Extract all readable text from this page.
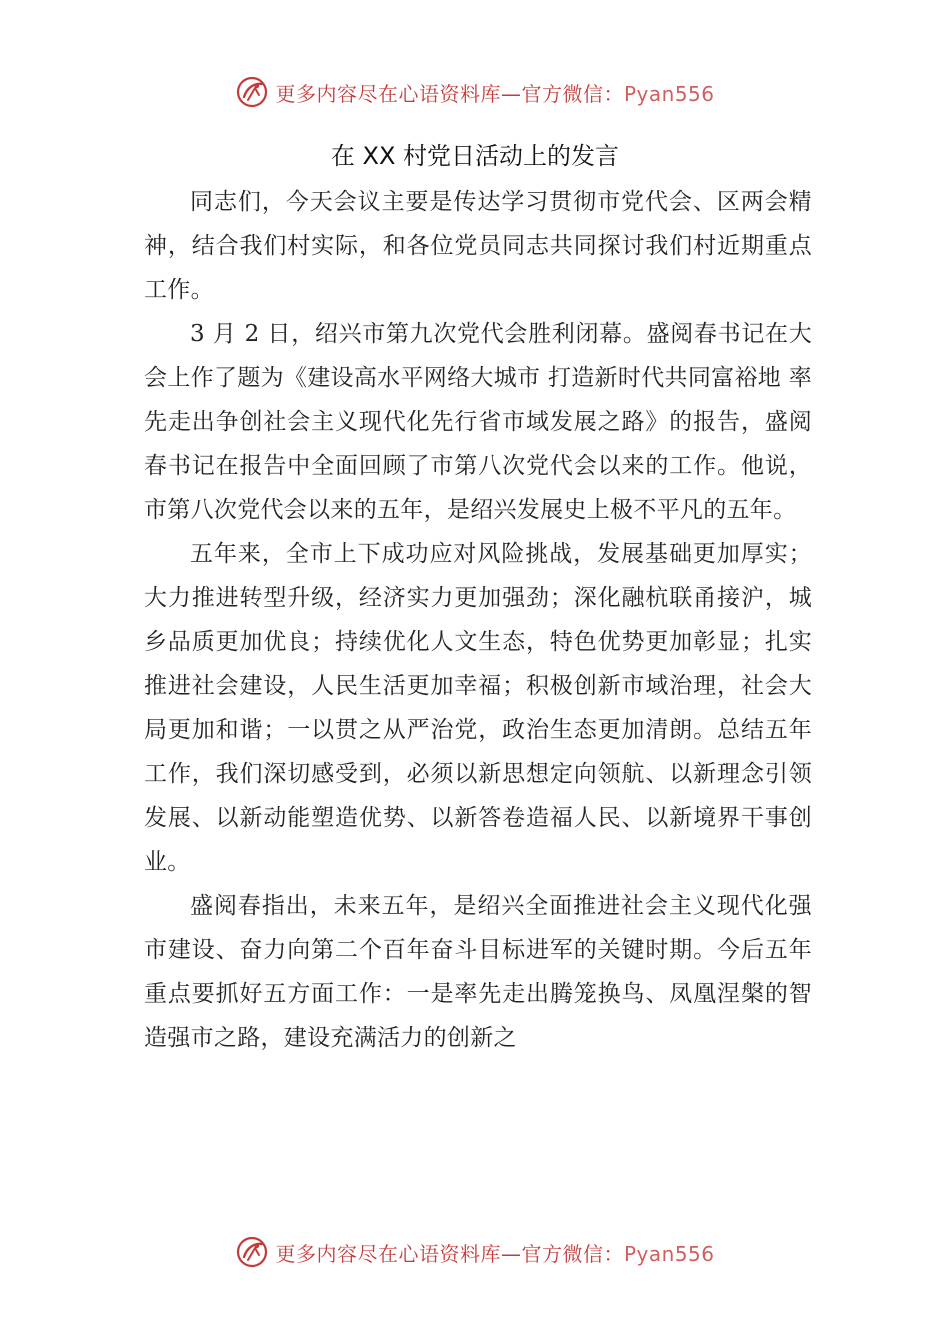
更多内容尽在心语资料库—官方微信：Pyan556
在 XX 村党日活动上的发言

同志们，今天会议主要是传达学习贯彻市党代会、区两会精神，结合我们村实际，和各位党员同志共同探讨我们村近期重点工作。

3 月 2 日，绍兴市第九次党代会胜利闭幕。盛阅春书记在大会上作了题为《建设高水平网络大城市 打造新时代共同富裕地 率先走出争创社会主义现代化先行省市域发展之路》的报告，盛阅春书记在报告中全面回顾了市第八次党代会以来的工作。他说，市第八次党代会以来的五年，是绍兴发展史上极不平凡的五年。

五年来，全市上下成功应对风险挑战，发展基础更加厚实；大力推进转型升级，经济实力更加强劲；深化融杭联甬接沪，城乡品质更加优良；持续优化人文生态，特色优势更加彰显；扎实推进社会建设，人民生活更加幸福；积极创新市域治理，社会大局更加和谐；一以贯之从严治党，政治生态更加清朗。总结五年工作，我们深切感受到，必须以新思想定向领航、以新理念引领发展、以新动能塑造优势、以新答卷造福人民、以新境界干事创业。

盛阅春指出，未来五年，是绍兴全面推进社会主义现代化强市建设、奋力向第二个百年奋斗目标进军的关键时期。今后五年重点要抓好五方面工作：一是率先走出腾笼换鸟、凤凰涅槃的智造强市之路，建设充满活力的创新之

更多内容尽在心语资料库—官方微信：Pyan556
